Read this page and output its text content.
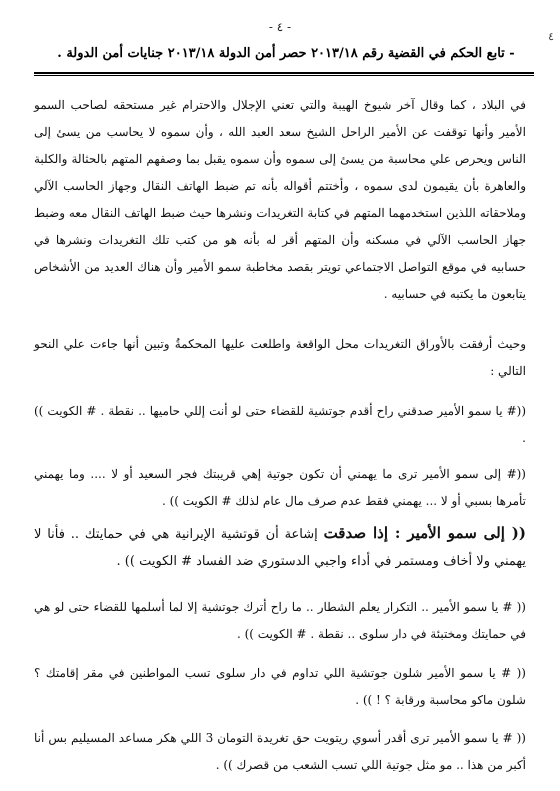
- ٤ -
٤
- تابع الحكم في القضية رقم ٢٠١٣/١٨ حصر أمن الدولة ٢٠١٣/١٨ جنايات أمن الدولة .
في البلاد ، كما وقال آخر شيوخ الهيبة والتي تعني الإجلال والاحترام غير مستحقه لصاحب السمو الأمير وأنها توقفت عن الأمير الراحل الشيخ سعد العبد الله ، وأن سموه لا يحاسب من يسئ إلى الناس ويحرص علي محاسبة من يسئ إلى سموه وأن سموه يقبل بما وصفهم المتهم بالحثالة والكلبة والعاهرة بأن يقيمون لدى سموه ، وأختتم أقواله بأنه تم ضبط الهاتف النقال وجهاز الحاسب الآلي وملاحقاته اللذين استخدمهما المتهم في كتابة التغريدات ونشرها حيث ضبط الهاتف النقال معه وضبط جهاز الحاسب الآلي في مسكنه وأن المتهم أقر له بأنه هو من كتب تلك التغريدات ونشرها في حسابيه في موقع التواصل الاجتماعي تويتر بقصد مخاطبة سمو الأمير وأن هناك العديد من الأشخاص يتابعون ما يكتبه في حسابيه .
وحيث أرفقت بالأوراق التغريدات محل الواقعة واطلعت عليها المحكمةُ وتبين أنها جاءت علي النحو التالي :
((# يا سمو الأمير صدقني راح أقدم جوتشية للقضاء حتى لو أنت إللي حاميها .. نقطة . # الكويت )) .
((# إلى سمو الأمير ترى ما يهمني أن تكون جوتية إهي قريبتك فجر السعيد أو لا .... وما يهمني تأمرها بسبي أو لا ... يهمني فقط عدم صرف مال عام لذلك # الكويت )) .
(( إلى سمو الأمير : إذا صدقت إشاعة أن قوتشية الإيرانية هي في حمايتك .. فأنا لا يهمني ولا أخاف ومستمر في أداء واجبي الدستوري ضد الفساد # الكويت )) .
(( # يا سمو الأمير .. التكرار يعلم الشطار .. ما راح أترك جوتشية إلا لما أسلمها للقضاء حتى لو هي في حمايتك ومختبئة في دار سلوى .. نقطة . # الكويت )) .
(( # يا سمو الأمير شلون جوتشية اللي تداوم في دار سلوى تسب المواطنين في مقر إقامتك ؟ شلون ماكو محاسبة ورقابة ؟ ! )) .
(( # يا سمو الأمير ترى أقدر أسوي ريتويت حق تغريدة التومان 3 اللي هكر مساعد المسيليم بس أنا أكبر من هذا .. مو مثل جوتية اللي تسب الشعب من قصرك )) .
